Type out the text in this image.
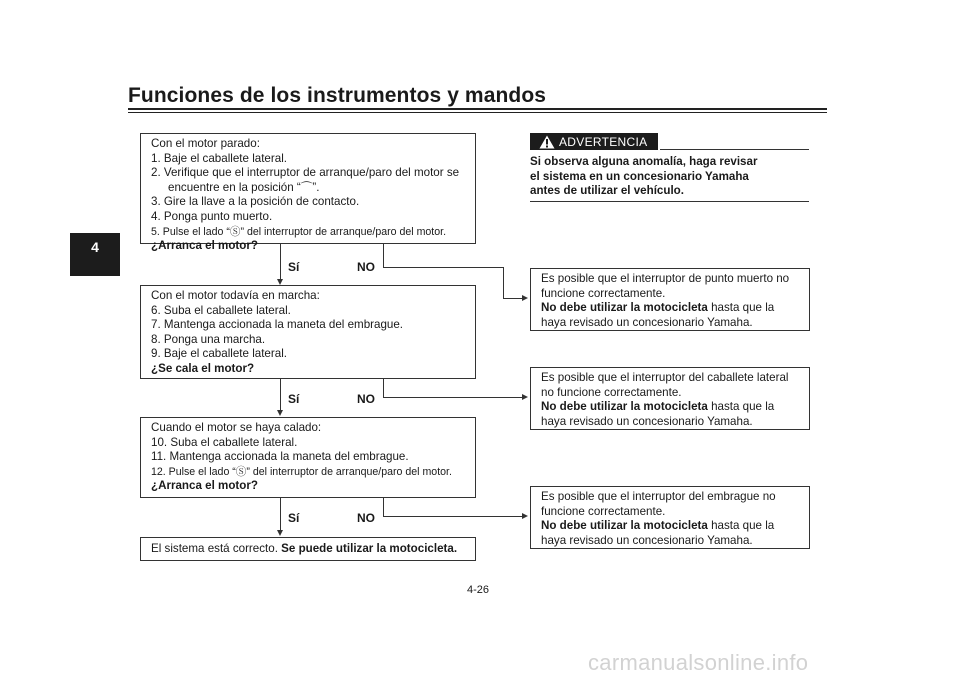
Funciones de los instrumentos y mandos
4
Con el motor parado:
1. Baje el caballete lateral.
2. Verifique que el interruptor de arranque/paro del motor se
encuentre en la posición “⌒”.
3. Gire la llave a la posición de contacto.
4. Ponga punto muerto.
5. Pulse el lado “Ⓢ” del interruptor de arranque/paro del motor.
¿Arranca el motor?
Sí	NO
Con el motor todavía en marcha:
6. Suba el caballete lateral.
7. Mantenga accionada la maneta del embrague.
8. Ponga una marcha.
9. Baje el caballete lateral.
¿Se cala el motor?
Sí	NO
Cuando el motor se haya calado:
10. Suba el caballete lateral.
11. Mantenga accionada la maneta del embrague.
12. Pulse el lado “Ⓢ” del interruptor de arranque/paro del motor.
¿Arranca el motor?
Sí	NO
El sistema está correcto. Se puede utilizar la motocicleta.
ADVERTENCIA
Si observa alguna anomalía, haga revisar
el sistema en un concesionario Yamaha
antes de utilizar el vehículo.
Es posible que el interruptor de punto muerto no
funcione correctamente.
No debe utilizar la motocicleta hasta que la
haya revisado un concesionario Yamaha.
Es posible que el interruptor del caballete lateral
no funcione correctamente.
No debe utilizar la motocicleta hasta que la
haya revisado un concesionario Yamaha.
Es posible que el interruptor del embrague no
funcione correctamente.
No debe utilizar la motocicleta hasta que la
haya revisado un concesionario Yamaha.
4-26
carmanualsonline.info
